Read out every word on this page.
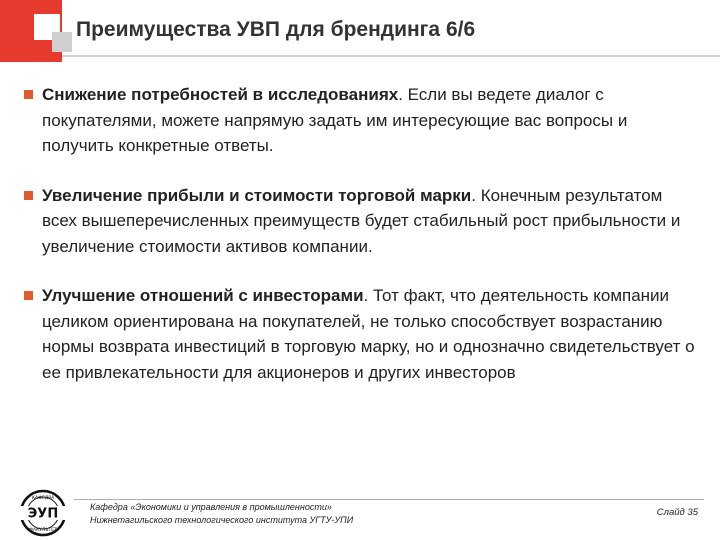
Преимущества УВП для брендинга 6/6
Снижение потребностей в исследованиях. Если вы ведете диалог с покупателями, можете напрямую задать им интересующие вас вопросы и получить конкретные ответы.
Увеличение прибыли и стоимости торговой марки. Конечным результатом всех вышеперечисленных преимуществ будет стабильный рост прибыльности и увеличение стоимости активов компании.
Улучшение отношений с инвесторами. Тот факт, что деятельность компании целиком ориентирована на покупателей, не только способствует возрастанию нормы возврата инвестиций в торговую марку, но и однозначно свидетельствует о ее привлекательности для акционеров и других инвесторов
ЭУП
КАФЕДРА
ФАКУЛЬТЕТ
Кафедра «Экономики и управления в промышленности»
Нижнетагильского технологического института УГТУ-УПИ
Слайд 35
